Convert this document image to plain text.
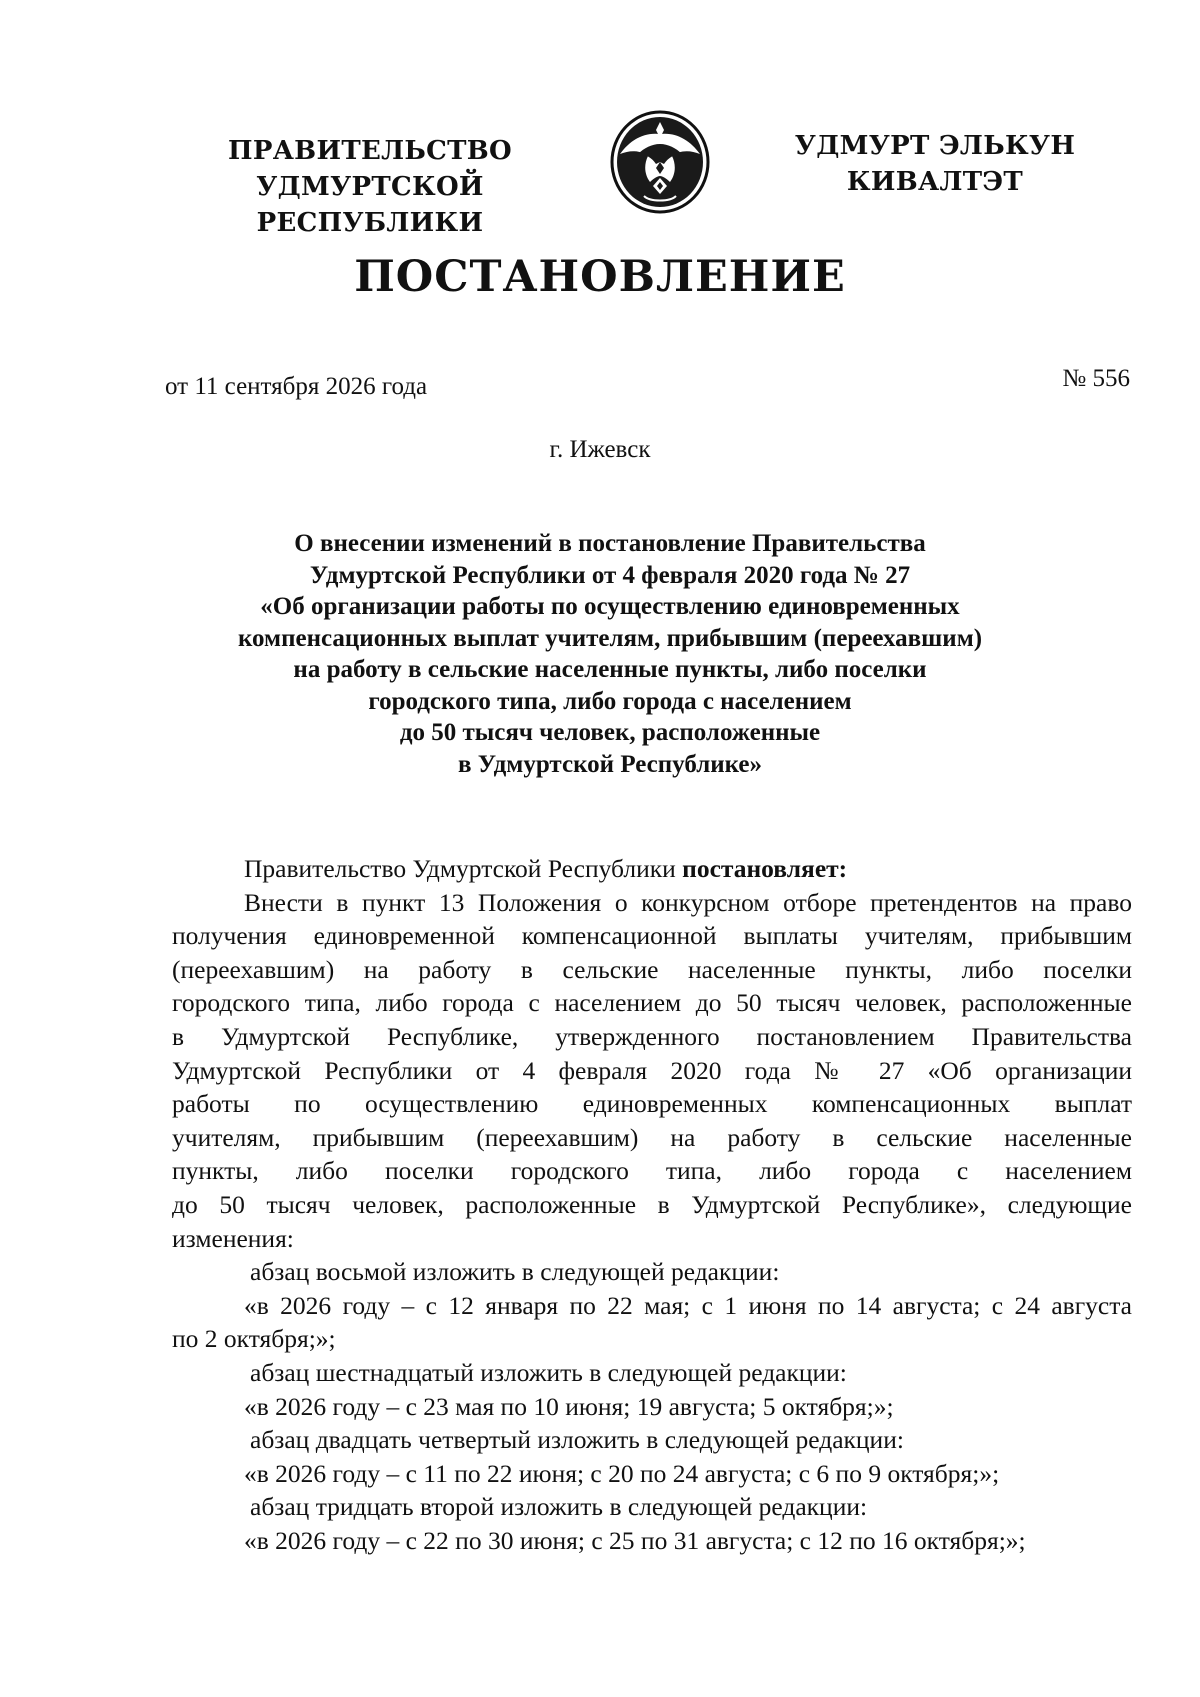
ПРАВИТЕЛЬСТВО
УДМУРТСКОЙ РЕСПУБЛИКИ
УДМУРТ ЭЛЬКУН
КИВАЛТЭТ
ПОСТАНОВЛЕНИЕ
от 11 сентября 2026 года	№ 556
г. Ижевск
О внесении изменений в постановление Правительства
Удмуртской Республики от 4 февраля 2020 года № 27
«Об организации работы по осуществлению единовременных
компенсационных выплат учителям, прибывшим (переехавшим)
на работу в сельские населенные пункты, либо поселки
городского типа, либо города с населением
до 50 тысяч человек, расположенные
в Удмуртской Республике»
Правительство Удмуртской Республики постановляет:
Внести в пункт 13 Положения о конкурсном отборе претендентов на право
получения единовременной компенсационной выплаты учителям, прибывшим
(переехавшим) на работу в сельские населенные пункты, либо поселки
городского типа, либо города с населением до 50 тысяч человек, расположенные
в Удмуртской Республике, утвержденного постановлением Правительства
Удмуртской Республики от 4 февраля 2020 года № 27 «Об организации
работы по осуществлению единовременных компенсационных выплат
учителям, прибывшим (переехавшим) на работу в сельские населенные
пункты, либо поселки городского типа, либо города с населением
до 50 тысяч человек, расположенные в Удмуртской Республике», следующие
изменения:
абзац восьмой изложить в следующей редакции:
«в 2026 году – с 12 января по 22 мая; с 1 июня по 14 августа; с 24 августа
по 2 октября;»;
абзац шестнадцатый изложить в следующей редакции:
«в 2026 году – с 23 мая по 10 июня; 19 августа; 5 октября;»;
абзац двадцать четвертый изложить в следующей редакции:
«в 2026 году – с 11 по 22 июня; с 20 по 24 августа; с 6 по 9 октября;»;
абзац тридцать второй изложить в следующей редакции:
«в 2026 году – с 22 по 30 июня; с 25 по 31 августа; с 12 по 16 октября;»;
